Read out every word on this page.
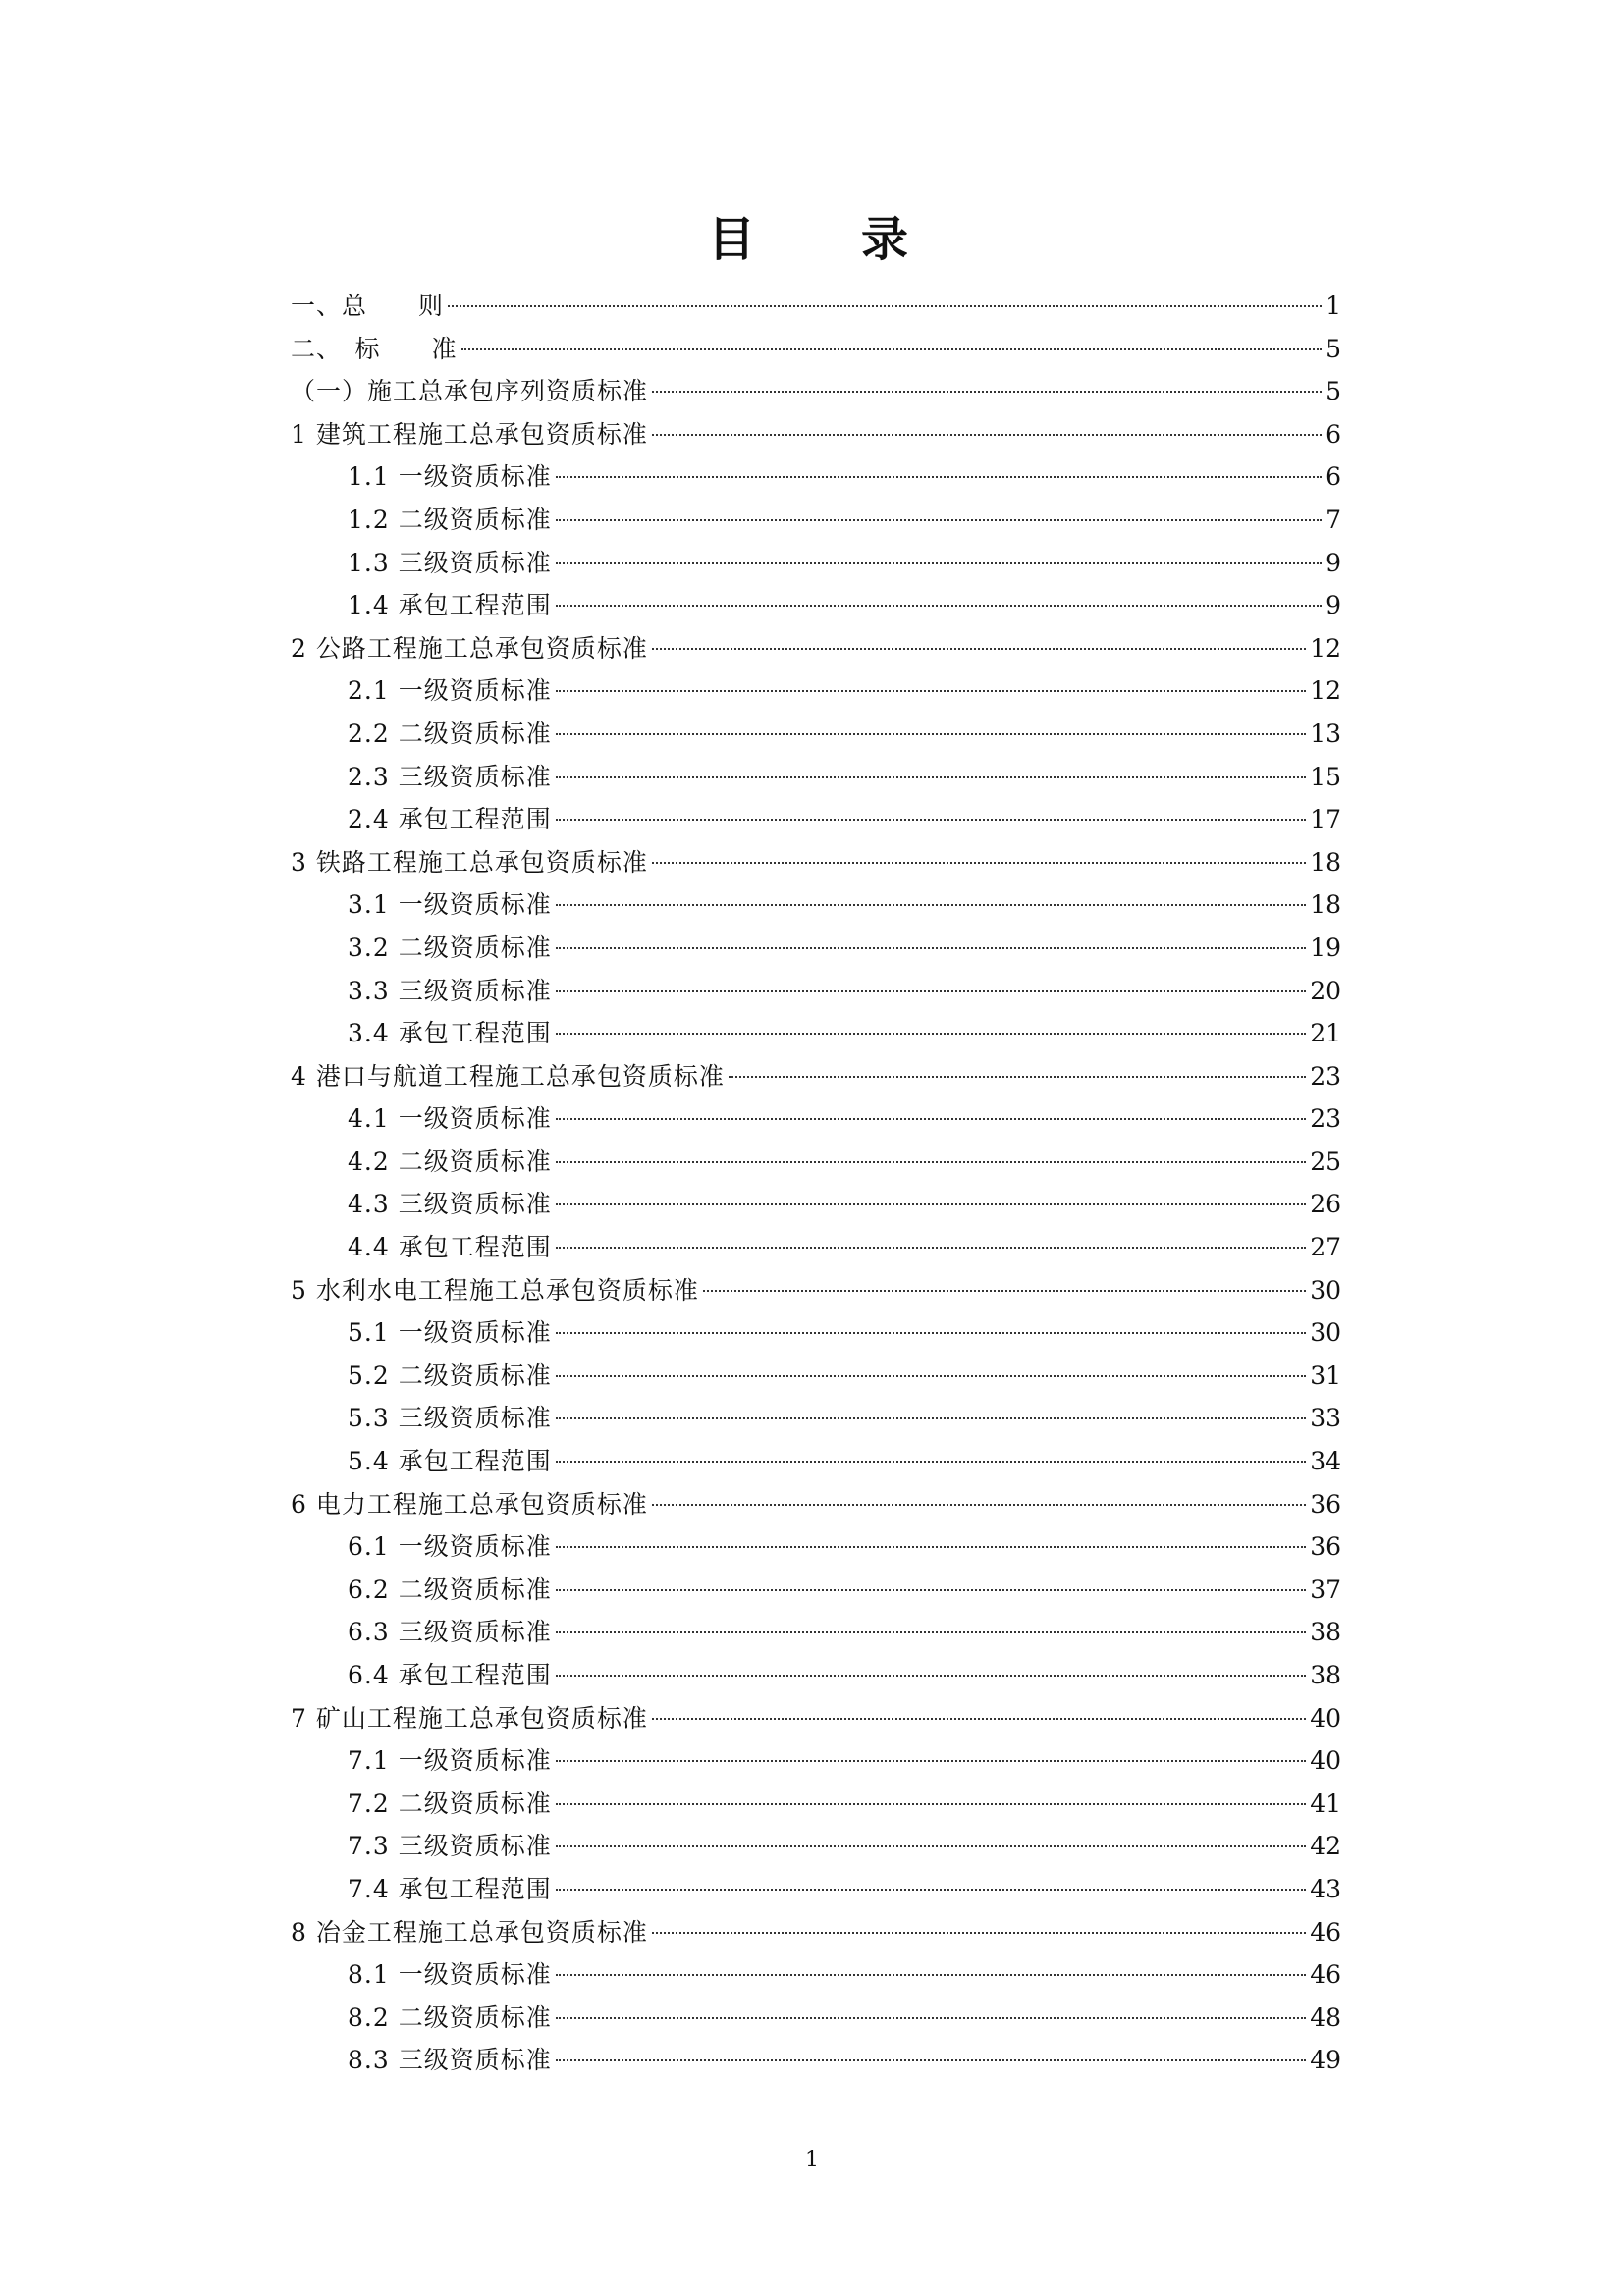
目 录
一、总　　则	1
二、　标　　准	5
（一）施工总承包序列资质标准	5
1 建筑工程施工总承包资质标准	6
1.1 一级资质标准	6
1.2 二级资质标准	7
1.3 三级资质标准	9
1.4 承包工程范围	9
2 公路工程施工总承包资质标准	12
2.1 一级资质标准	12
2.2 二级资质标准	13
2.3 三级资质标准	15
2.4 承包工程范围	17
3 铁路工程施工总承包资质标准	18
3.1 一级资质标准	18
3.2 二级资质标准	19
3.3 三级资质标准	20
3.4 承包工程范围	21
4 港口与航道工程施工总承包资质标准	23
4.1 一级资质标准	23
4.2 二级资质标准	25
4.3 三级资质标准	26
4.4 承包工程范围	27
5 水利水电工程施工总承包资质标准	30
5.1 一级资质标准	30
5.2 二级资质标准	31
5.3 三级资质标准	33
5.4 承包工程范围	34
6 电力工程施工总承包资质标准	36
6.1 一级资质标准	36
6.2 二级资质标准	37
6.3 三级资质标准	38
6.4 承包工程范围	38
7 矿山工程施工总承包资质标准	40
7.1 一级资质标准	40
7.2 二级资质标准	41
7.3 三级资质标准	42
7.4 承包工程范围	43
8 冶金工程施工总承包资质标准	46
8.1 一级资质标准	46
8.2 二级资质标准	48
8.3 三级资质标准	49
1
